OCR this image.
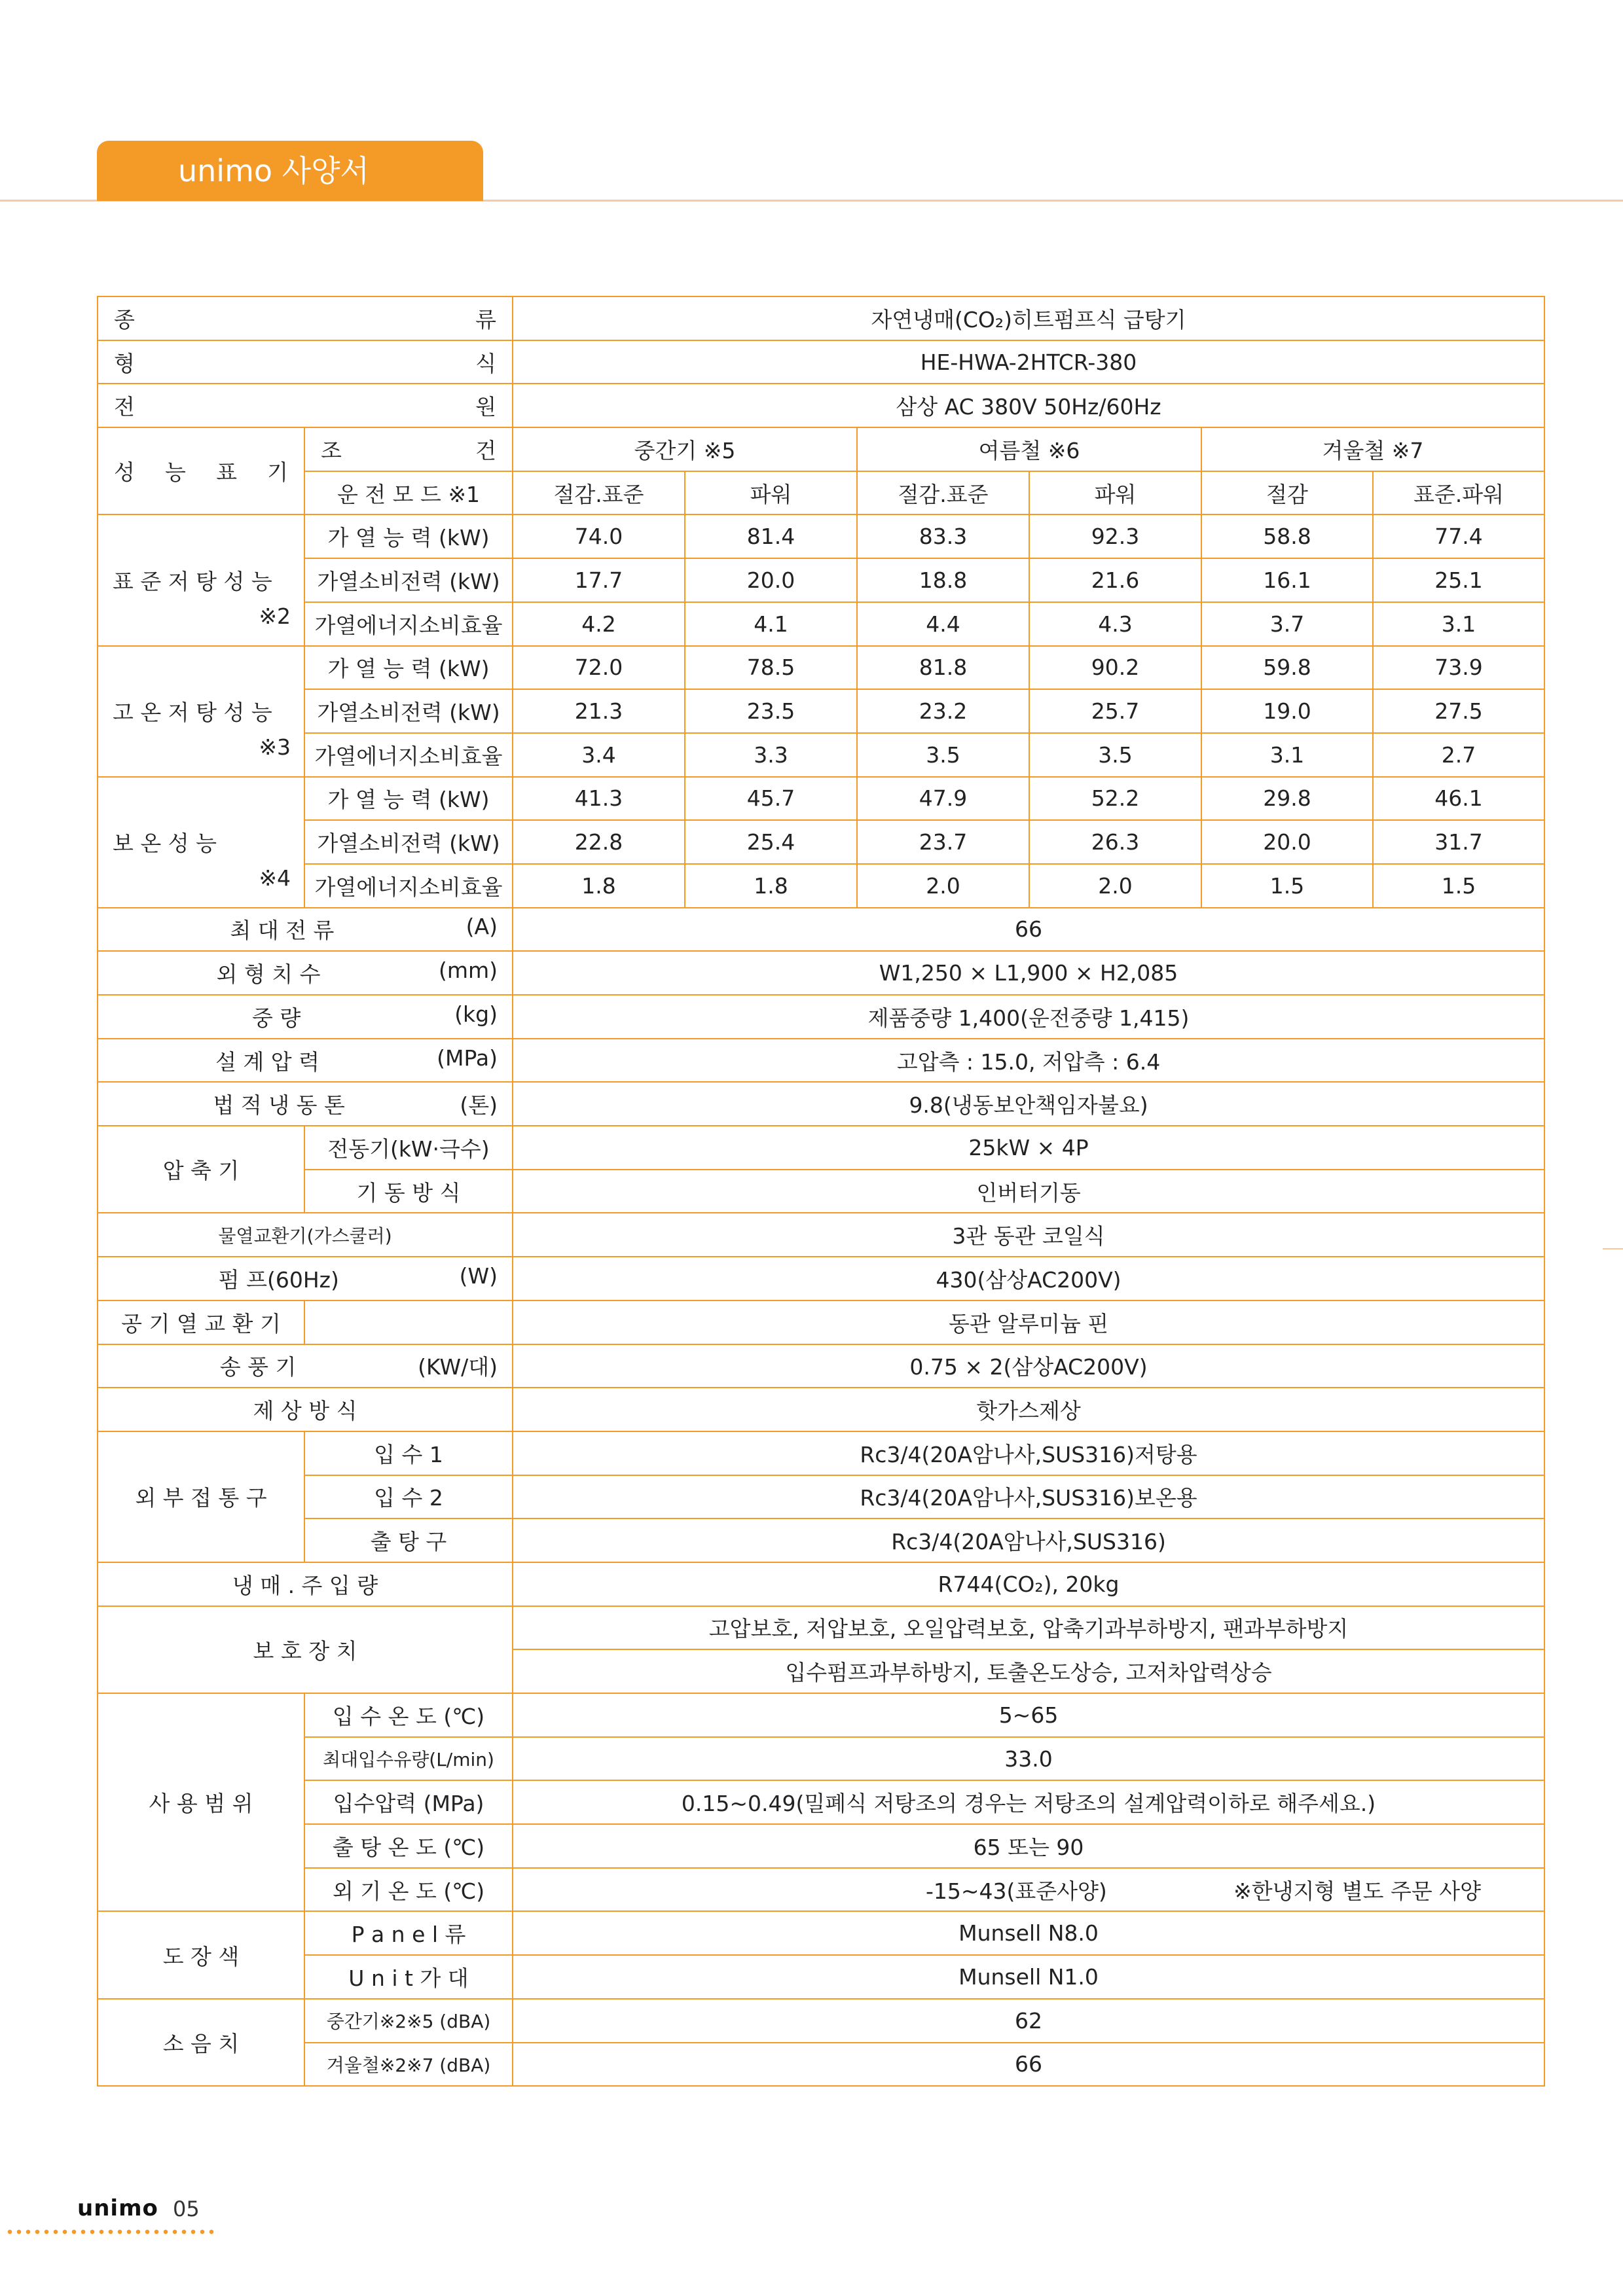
unimo 사양서
종 류		자연냉매(CO₂)히트펌프식 급탕기					

형 식		HE-HWA-2HTCR-380					

전 원		삼상 AC 380V 50Hz/60Hz					

성 능 표 기	조 건	중간기 ※5		여름철 ※6		겨울철 ※7	
	운 전 모 드 ※1	절감.표준	파워	절감.표준	파워	절감	표준.파워

표 준 저 탕 성 능
※2	가 열 능 력 (kW)	74.0	81.4	83.3	92.3	58.8	77.4
	가열소비전력 (kW)	17.7	20.0	18.8	21.6	16.1	25.1
	가열에너지소비효율	4.2	4.1	4.4	4.3	3.7	3.1

고 온 저 탕 성 능
※3	가 열 능 력 (kW)	72.0	78.5	81.8	90.2	59.8	73.9
	가열소비전력 (kW)	21.3	23.5	23.2	25.7	19.0	27.5
	가열에너지소비효율	3.4	3.3	3.5	3.5	3.1	2.7

보 온 성 능
※4	가 열 능 력 (kW)	41.3	45.7	47.9	52.2	29.8	46.1
	가열소비전력 (kW)	22.8	25.4	23.7	26.3	20.0	31.7
	가열에너지소비효율	1.8	1.8	2.0	2.0	1.5	1.5
최 대 전 류 (A)		66					
외 형 치 수 (mm)		W1,250 × L1,900 × H2,085					
중 량 (kg)		제품중량 1,400(운전중량 1,415)					
설 계 압 력 (MPa)		고압측 : 15.0, 저압측 : 6.4					
법 적 냉 동 톤 (톤)		9.8(냉동보안책임자불요)					
압 축 기	전동기(kW·극수)	25kW × 4P					
	기 동 방 식	인버터기동					
물열교환기(가스쿨러)		3관 동관 코일식					
펌 프(60Hz) (W)		430(삼상AC200V)					
공 기 열 교 환 기		동관 알루미늄 핀					
송 풍 기 (KW/대)		0.75 × 2(삼상AC200V)					
제 상 방 식		핫가스제상					
외 부 접 통 구	입 수 1	Rc3/4(20A암나사,SUS316)저탕용					
	입 수 2	Rc3/4(20A암나사,SUS316)보온용					
	출 탕 구	Rc3/4(20A암나사,SUS316)					
냉 매 . 주 입 량		R744(CO₂), 20kg					
보 호 장 치		고압보호, 저압보호, 오일압력보호, 압축기과부하방지, 팬과부하방지					
		입수펌프과부하방지, 토출온도상승, 고저차압력상승					
사 용 범 위	입 수 온 도 (℃)	5~65					
	최대입수유량(L/min)	33.0					
	입수압력 (MPa)	0.15~0.49(밀폐식 저탕조의 경우는 저탕조의 설계압력이하로 해주세요.)					
	출 탕 온 도 (℃)	65 또는 90					
	외 기 온 도 (℃)	-15~43(표준사양) ※한냉지형 별도 주문 사양					

도 장 색	P a n e l 류	Munsell N8.0					
	U n i t 가 대	Munsell N1.0					
소 음 치	중간기※2※5 (dBA)	62					
	겨울철※2※7 (dBA)	66					
unimo 05
